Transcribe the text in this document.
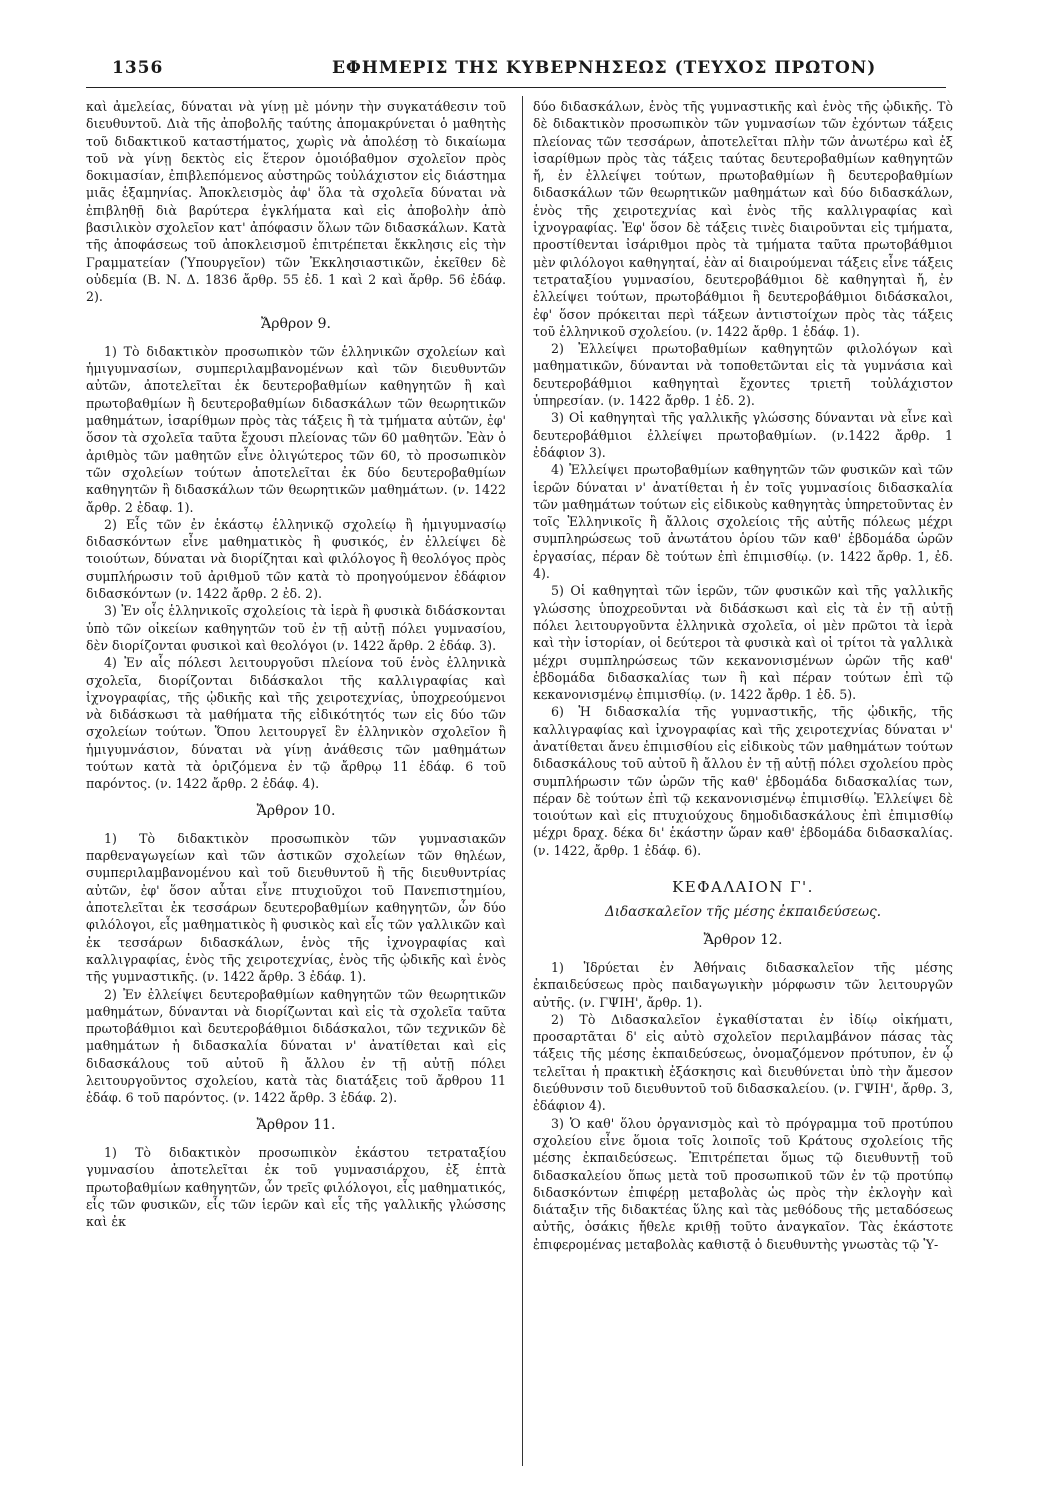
1356	ΕΦΗΜΕΡΙΣ ΤΗΣ ΚΥΒΕΡΝΗΣΕΩΣ (ΤΕΥΧΟΣ ΠΡΩΤΟΝ)

καὶ ἀμελείας, δύναται νὰ γίνῃ μὲ μόνην τὴν συγκατάθεσιν τοῦ διευθυντοῦ. Διὰ τῆς ἀποβολῆς ταύτης ἀπομακρύνεται ὁ μαθητὴς τοῦ διδακτικοῦ καταστήματος, χωρὶς νὰ ἀπολέσῃ τὸ δικαίωμα τοῦ νὰ γίνῃ δεκτὸς εἰς ἕτερον ὁμοιόβαθμον σχολεῖον πρὸς δοκιμασίαν, ἐπιβλεπόμενος αὐστηρῶς τοὐλάχιστον εἰς διάστημα μιᾶς ἑξαμηνίας. Ἀποκλεισμὸς ἀφ' ὅλα τὰ σχολεῖα δύναται νὰ ἐπιβληθῇ διὰ βαρύτερα ἐγκλήματα καὶ εἰς ἀποβολὴν ἀπὸ βασιλικὸν σχολεῖον κατ' ἀπόφασιν ὅλων τῶν διδασκάλων. Κατὰ τῆς ἀποφάσεως τοῦ ἀποκλεισμοῦ ἐπιτρέπεται ἔκκλησις εἰς τὴν Γραμματείαν (Ὑπουργεῖον) τῶν Ἐκκλησιαστικῶν, ἐκεῖθεν δὲ οὐδεμία (Β. Ν. Δ. 1836 ἄρθρ. 55 ἐδ. 1 καὶ 2 καὶ ἄρθρ. 56 ἐδάφ. 2).

Ἄρθρον 9.

1) Τὸ διδακτικὸν προσωπικὸν τῶν ἑλληνικῶν σχολείων καὶ ἡμιγυμνασίων, συμπεριλαμβανομένων καὶ τῶν διευθυντῶν αὐτῶν, ἀποτελεῖται ἐκ δευτεροβαθμίων καθηγητῶν ἢ καὶ πρωτοβαθμίων ἢ δευτεροβαθμίων διδασκάλων τῶν θεωρητικῶν μαθημάτων, ἰσαρίθμων πρὸς τὰς τάξεις ἢ τὰ τμήματα αὐτῶν, ἐφ' ὅσον τὰ σχολεῖα ταῦτα ἔχουσι πλείονας τῶν 60 μαθητῶν. Ἐὰν ὁ ἀριθμὸς τῶν μαθητῶν εἶνε ὀλιγώτερος τῶν 60, τὸ προσωπικὸν τῶν σχολείων τούτων ἀποτελεῖται ἐκ δύο δευτεροβαθμίων καθηγητῶν ἢ διδασκάλων τῶν θεωρητικῶν μαθημάτων. (ν. 1422 ἄρθρ. 2 ἐδαφ. 1).

2) Εἷς τῶν ἐν ἑκάστῳ ἑλληνικῷ σχολείῳ ἢ ἡμιγυμνασίῳ διδασκόντων εἶνε μαθηματικὸς ἢ φυσικός, ἐν ἐλλείψει δὲ τοιούτων, δύναται νὰ διορίζηται καὶ φιλόλογος ἢ θεολόγος πρὸς συμπλήρωσιν τοῦ ἀριθμοῦ τῶν κατὰ τὸ προηγούμενον ἐδάφιον διδασκόντων (ν. 1422 ἄρθρ. 2 ἐδ. 2).

3) Ἐν οἷς ἑλληνικοῖς σχολείοις τὰ ἱερὰ ἢ φυσικὰ διδάσκονται ὑπὸ τῶν οἰκείων καθηγητῶν τοῦ ἐν τῇ αὐτῇ πόλει γυμνασίου, δὲν διορίζονται φυσικοὶ καὶ θεολόγοι (ν. 1422 ἄρθρ. 2 ἐδάφ. 3).

4) Ἐν αἷς πόλεσι λειτουργοῦσι πλείονα τοῦ ἑνὸς ἑλληνικὰ σχολεῖα, διορίζονται διδάσκαλοι τῆς καλλιγραφίας καὶ ἰχνογραφίας, τῆς ᾠδικῆς καὶ τῆς χειροτεχνίας, ὑποχρεούμενοι νὰ διδάσκωσι τὰ μαθήματα τῆς εἰδικότητός των εἰς δύο τῶν σχολείων τούτων. Ὅπου λειτουργεῖ ἓν ἑλληνικὸν σχολεῖον ἢ ἡμιγυμνάσιον, δύναται νὰ γίνῃ ἀνάθεσις τῶν μαθημάτων τούτων κατὰ τὰ ὁριζόμενα ἐν τῷ ἄρθρῳ 11 ἐδάφ. 6 τοῦ παρόντος. (ν. 1422 ἄρθρ. 2 ἐδάφ. 4).

Ἄρθρον 10.

1) Τὸ διδακτικὸν προσωπικὸν τῶν γυμνασιακῶν παρθεναγωγείων καὶ τῶν ἀστικῶν σχολείων τῶν θηλέων, συμπεριλαμβανομένου καὶ τοῦ διευθυντοῦ ἢ τῆς διευθυντρίας αὐτῶν, ἐφ' ὅσον αὗται εἶνε πτυχιοῦχοι τοῦ Πανεπιστημίου, ἀποτελεῖται ἐκ τεσσάρων δευτεροβαθμίων καθηγητῶν, ὧν δύο φιλόλογοι, εἷς μαθηματικὸς ἢ φυσικὸς καὶ εἷς τῶν γαλλικῶν καὶ ἐκ τεσσάρων διδασκάλων, ἑνὸς τῆς ἰχνογραφίας καὶ καλλιγραφίας, ἑνὸς τῆς χειροτεχνίας, ἑνὸς τῆς ᾠδικῆς καὶ ἑνὸς τῆς γυμναστικῆς. (ν. 1422 ἄρθρ. 3 ἐδάφ. 1).

2) Ἐν ἐλλείψει δευτεροβαθμίων καθηγητῶν τῶν θεωρητικῶν μαθημάτων, δύνανται νὰ διορίζωνται καὶ εἰς τὰ σχολεῖα ταῦτα πρωτοβάθμιοι καὶ δευτεροβάθμιοι διδάσκαλοι, τῶν τεχνικῶν δὲ μαθημάτων ἡ διδασκαλία δύναται ν' ἀνατίθεται καὶ εἰς διδασκάλους τοῦ αὐτοῦ ἢ ἄλλου ἐν τῇ αὐτῇ πόλει λειτουργοῦντος σχολείου, κατὰ τὰς διατάξεις τοῦ ἄρθρου 11 ἐδάφ. 6 τοῦ παρόντος. (ν. 1422 ἄρθρ. 3 ἐδάφ. 2).

Ἄρθρον 11.

1) Τὸ διδακτικὸν προσωπικὸν ἑκάστου τετραταξίου γυμνασίου ἀποτελεῖται ἐκ τοῦ γυμνασιάρχου, ἐξ ἑπτὰ πρωτοβαθμίων καθηγητῶν, ὧν τρεῖς φιλόλογοι, εἷς μαθηματικός, εἷς τῶν φυσικῶν, εἷς τῶν ἱερῶν καὶ εἷς τῆς γαλλικῆς γλώσσης καὶ ἐκ

δύο διδασκάλων, ἑνὸς τῆς γυμναστικῆς καὶ ἑνὸς τῆς ᾠδικῆς. Τὸ δὲ διδακτικὸν προσωπικὸν τῶν γυμνασίων τῶν ἐχόντων τάξεις πλείονας τῶν τεσσάρων, ἀποτελεῖται πλὴν τῶν ἀνωτέρω καὶ ἐξ ἰσαρίθμων πρὸς τὰς τάξεις ταύτας δευτεροβαθμίων καθηγητῶν ἤ, ἐν ἐλλείψει τούτων, πρωτοβαθμίων ἢ δευτεροβαθμίων διδασκάλων τῶν θεωρητικῶν μαθημάτων καὶ δύο διδασκάλων, ἑνὸς τῆς χειροτεχνίας καὶ ἑνὸς τῆς καλλιγραφίας καὶ ἰχνογραφίας. Ἐφ' ὅσον δὲ τάξεις τινὲς διαιροῦνται εἰς τμήματα, προστίθενται ἰσάριθμοι πρὸς τὰ τμήματα ταῦτα πρωτοβάθμιοι μὲν φιλόλογοι καθηγηταί, ἐὰν αἱ διαιρούμεναι τάξεις εἶνε τάξεις τετραταξίου γυμνασίου, δευτεροβάθμιοι δὲ καθηγηταὶ ἤ, ἐν ἐλλείψει τούτων, πρωτοβάθμιοι ἢ δευτεροβάθμιοι διδάσκαλοι, ἐφ' ὅσον πρόκειται περὶ τάξεων ἀντιστοίχων πρὸς τὰς τάξεις τοῦ ἑλληνικοῦ σχολείου. (ν. 1422 ἄρθρ. 1 ἐδάφ. 1).

2) Ἐλλείψει πρωτοβαθμίων καθηγητῶν φιλολόγων καὶ μαθηματικῶν, δύνανται νὰ τοποθετῶνται εἰς τὰ γυμνάσια καὶ δευτεροβάθμιοι καθηγηταὶ ἔχοντες τριετῆ τοὐλάχιστον ὑπηρεσίαν. (ν. 1422 ἄρθρ. 1 ἐδ. 2).

3) Οἱ καθηγηταὶ τῆς γαλλικῆς γλώσσης δύνανται νὰ εἶνε καὶ δευτεροβάθμιοι ἐλλείψει πρωτοβαθμίων. (ν.1422 ἄρθρ. 1 ἐδάφιον 3).

4) Ἐλλείψει πρωτοβαθμίων καθηγητῶν τῶν φυσικῶν καὶ τῶν ἱερῶν δύναται ν' ἀνατίθεται ἡ ἐν τοῖς γυμνασίοις διδασκαλία τῶν μαθημάτων τούτων εἰς εἰδικοὺς καθηγητὰς ὑπηρετοῦντας ἐν τοῖς Ἑλληνικοῖς ἢ ἄλλοις σχολείοις τῆς αὐτῆς πόλεως μέχρι συμπληρώσεως τοῦ ἀνωτάτου ὁρίου τῶν καθ' ἑβδομάδα ὡρῶν ἐργασίας, πέραν δὲ τούτων ἐπὶ ἐπιμισθίῳ. (ν. 1422 ἄρθρ. 1, ἐδ. 4).

5) Οἱ καθηγηταὶ τῶν ἱερῶν, τῶν φυσικῶν καὶ τῆς γαλλικῆς γλώσσης ὑποχρεοῦνται νὰ διδάσκωσι καὶ εἰς τὰ ἐν τῇ αὐτῇ πόλει λειτουργοῦντα ἑλληνικὰ σχολεῖα, οἱ μὲν πρῶτοι τὰ ἱερὰ καὶ τὴν ἱστορίαν, οἱ δεύτεροι τὰ φυσικὰ καὶ οἱ τρίτοι τὰ γαλλικὰ μέχρι συμπληρώσεως τῶν κεκανονισμένων ὡρῶν τῆς καθ' ἑβδομάδα διδασκαλίας των ἢ καὶ πέραν τούτων ἐπὶ τῷ κεκανονισμένῳ ἐπιμισθίῳ. (ν. 1422 ἄρθρ. 1 ἐδ. 5).

6) Ἡ διδασκαλία τῆς γυμναστικῆς, τῆς ᾠδικῆς, τῆς καλλιγραφίας καὶ ἰχνογραφίας καὶ τῆς χειροτεχνίας δύναται ν' ἀνατίθεται ἄνευ ἐπιμισθίου εἰς εἰδικοὺς τῶν μαθημάτων τούτων διδασκάλους τοῦ αὐτοῦ ἢ ἄλλου ἐν τῇ αὐτῇ πόλει σχολείου πρὸς συμπλήρωσιν τῶν ὡρῶν τῆς καθ' ἑβδομάδα διδασκαλίας των, πέραν δὲ τούτων ἐπὶ τῷ κεκανονισμένῳ ἐπιμισθίῳ. Ἐλλείψει δὲ τοιούτων καὶ εἰς πτυχιούχους δημοδιδασκάλους ἐπὶ ἐπιμισθίῳ μέχρι δραχ. δέκα δι' ἑκάστην ὥραν καθ' ἑβδομάδα διδασκαλίας. (ν. 1422, ἄρθρ. 1 ἐδάφ. 6).

ΚΕΦΑΛΑΙΟΝ Γ'.
Διδασκαλεῖον τῆς μέσης ἐκπαιδεύσεως.
Ἄρθρον 12.

1) Ἱδρύεται ἐν Ἀθήναις διδασκαλεῖον τῆς μέσης ἐκπαιδεύσεως πρὸς παιδαγωγικὴν μόρφωσιν τῶν λειτουργῶν αὐτῆς. (ν. ΓΨΙΗ', ἄρθρ. 1).

2) Τὸ Διδασκαλεῖον ἐγκαθίσταται ἐν ἰδίῳ οἰκήματι, προσαρτᾶται δ' εἰς αὐτὸ σχολεῖον περιλαμβάνον πάσας τὰς τάξεις τῆς μέσης ἐκπαιδεύσεως, ὀνομαζόμενον πρότυπον, ἐν ᾧ τελεῖται ἡ πρακτικὴ ἐξάσκησις καὶ διευθύνεται ὑπὸ τὴν ἄμεσον διεύθυνσιν τοῦ διευθυντοῦ τοῦ διδασκαλείου. (ν. ΓΨΙΗ', ἄρθρ. 3, ἐδάφιον 4).

3) Ὁ καθ' ὅλου ὀργανισμὸς καὶ τὸ πρόγραμμα τοῦ προτύπου σχολείου εἶνε ὅμοια τοῖς λοιποῖς τοῦ Κράτους σχολείοις τῆς μέσης ἐκπαιδεύσεως. Ἐπιτρέπεται ὅμως τῷ διευθυντῇ τοῦ διδασκαλείου ὅπως μετὰ τοῦ προσωπικοῦ τῶν ἐν τῷ προτύπῳ διδασκόντων ἐπιφέρῃ μεταβολὰς ὡς πρὸς τὴν ἐκλογὴν καὶ διάταξιν τῆς διδακτέας ὕλης καὶ τὰς μεθόδους τῆς μεταδόσεως αὐτῆς, ὁσάκις ἤθελε κριθῇ τοῦτο ἀναγκαῖον. Τὰς ἑκάστοτε ἐπιφερομένας μεταβολὰς καθιστᾷ ὁ διευθυντὴς γνωστὰς τῷ Ὑ-
